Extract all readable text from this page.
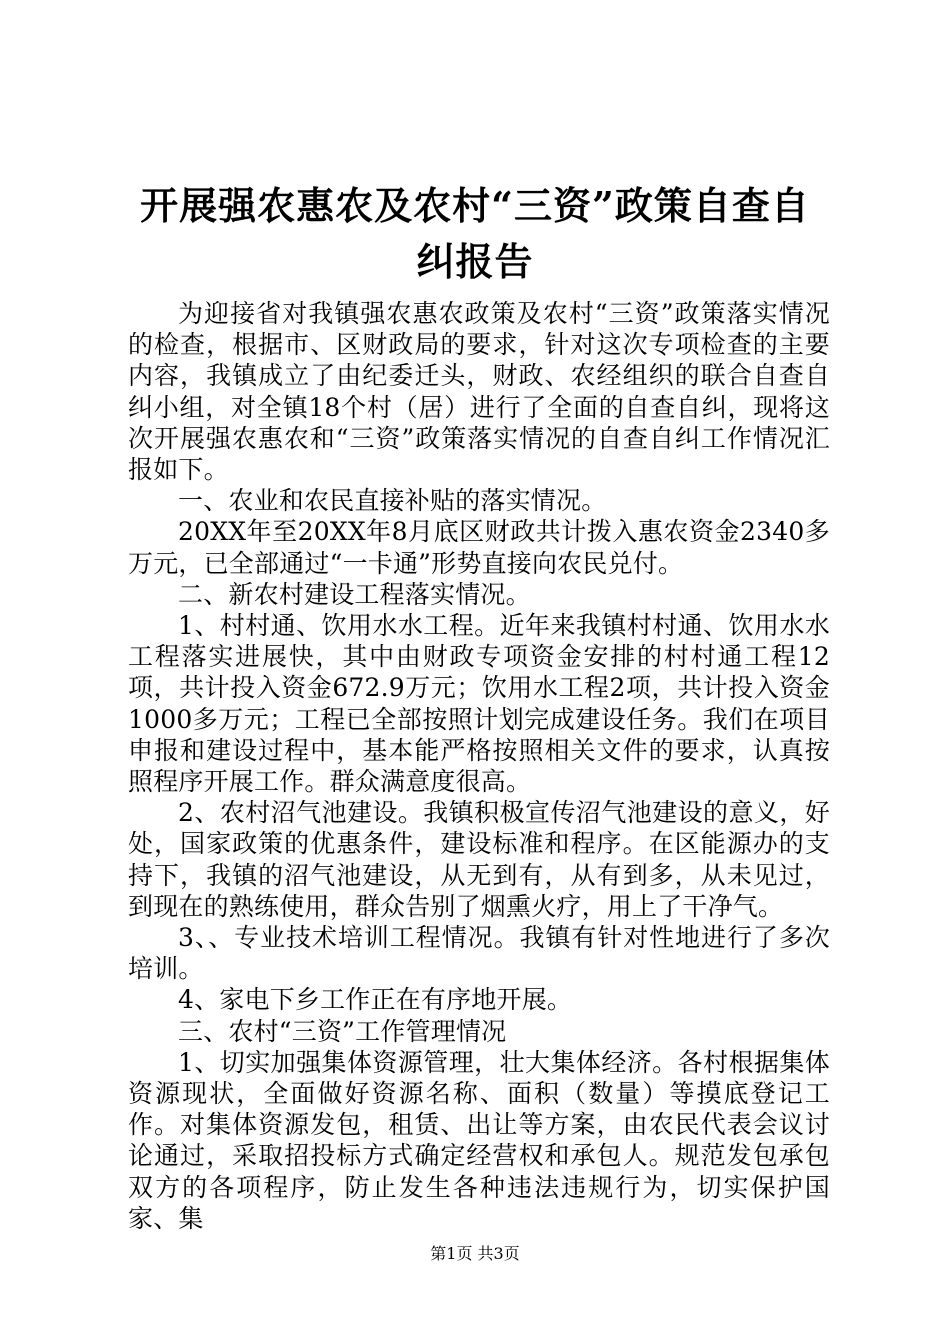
开展强农惠农及农村“三资”政策自查自纠报告

为迎接省对我镇强农惠农政策及农村“三资”政策落实情况的检查，根据市、区财政局的要求，针对这次专项检查的主要内容，我镇成立了由纪委迁头，财政、农经组织的联合自查自纠小组，对全镇18个村（居）进行了全面的自查自纠，现将这次开展强农惠农和“三资”政策落实情况的自查自纠工作情况汇报如下。

一、农业和农民直接补贴的落实情况。

20XX年至20XX年8月底区财政共计拨入惠农资金2340多万元，已全部通过“一卡通”形势直接向农民兑付。

二、新农村建设工程落实情况。

1、村村通、饮用水水工程。近年来我镇村村通、饮用水水工程落实进展快，其中由财政专项资金安排的村村通工程12项，共计投入资金672.9万元；饮用水工程2项，共计投入资金1000多万元；工程已全部按照计划完成建设任务。我们在项目申报和建设过程中，基本能严格按照相关文件的要求，认真按照程序开展工作。群众满意度很高。

2、农村沼气池建设。我镇积极宣传沼气池建设的意义，好处，国家政策的优惠条件，建设标准和程序。在区能源办的支持下，我镇的沼气池建设，从无到有，从有到多，从未见过，到现在的熟练使用，群众告别了烟熏火疗，用上了干净气。

3、、专业技术培训工程情况。我镇有针对性地进行了多次培训。

4、家电下乡工作正在有序地开展。

三、农村“三资”工作管理情况

1、切实加强集体资源管理，壮大集体经济。各村根据集体资源现状，全面做好资源名称、面积（数量）等摸底登记工作。对集体资源发包，租赁、出让等方案，由农民代表会议讨论通过，采取招投标方式确定经营权和承包人。规范发包承包双方的各项程序，防止发生各种违法违规行为，切实保护国家、集

第1页 共3页
